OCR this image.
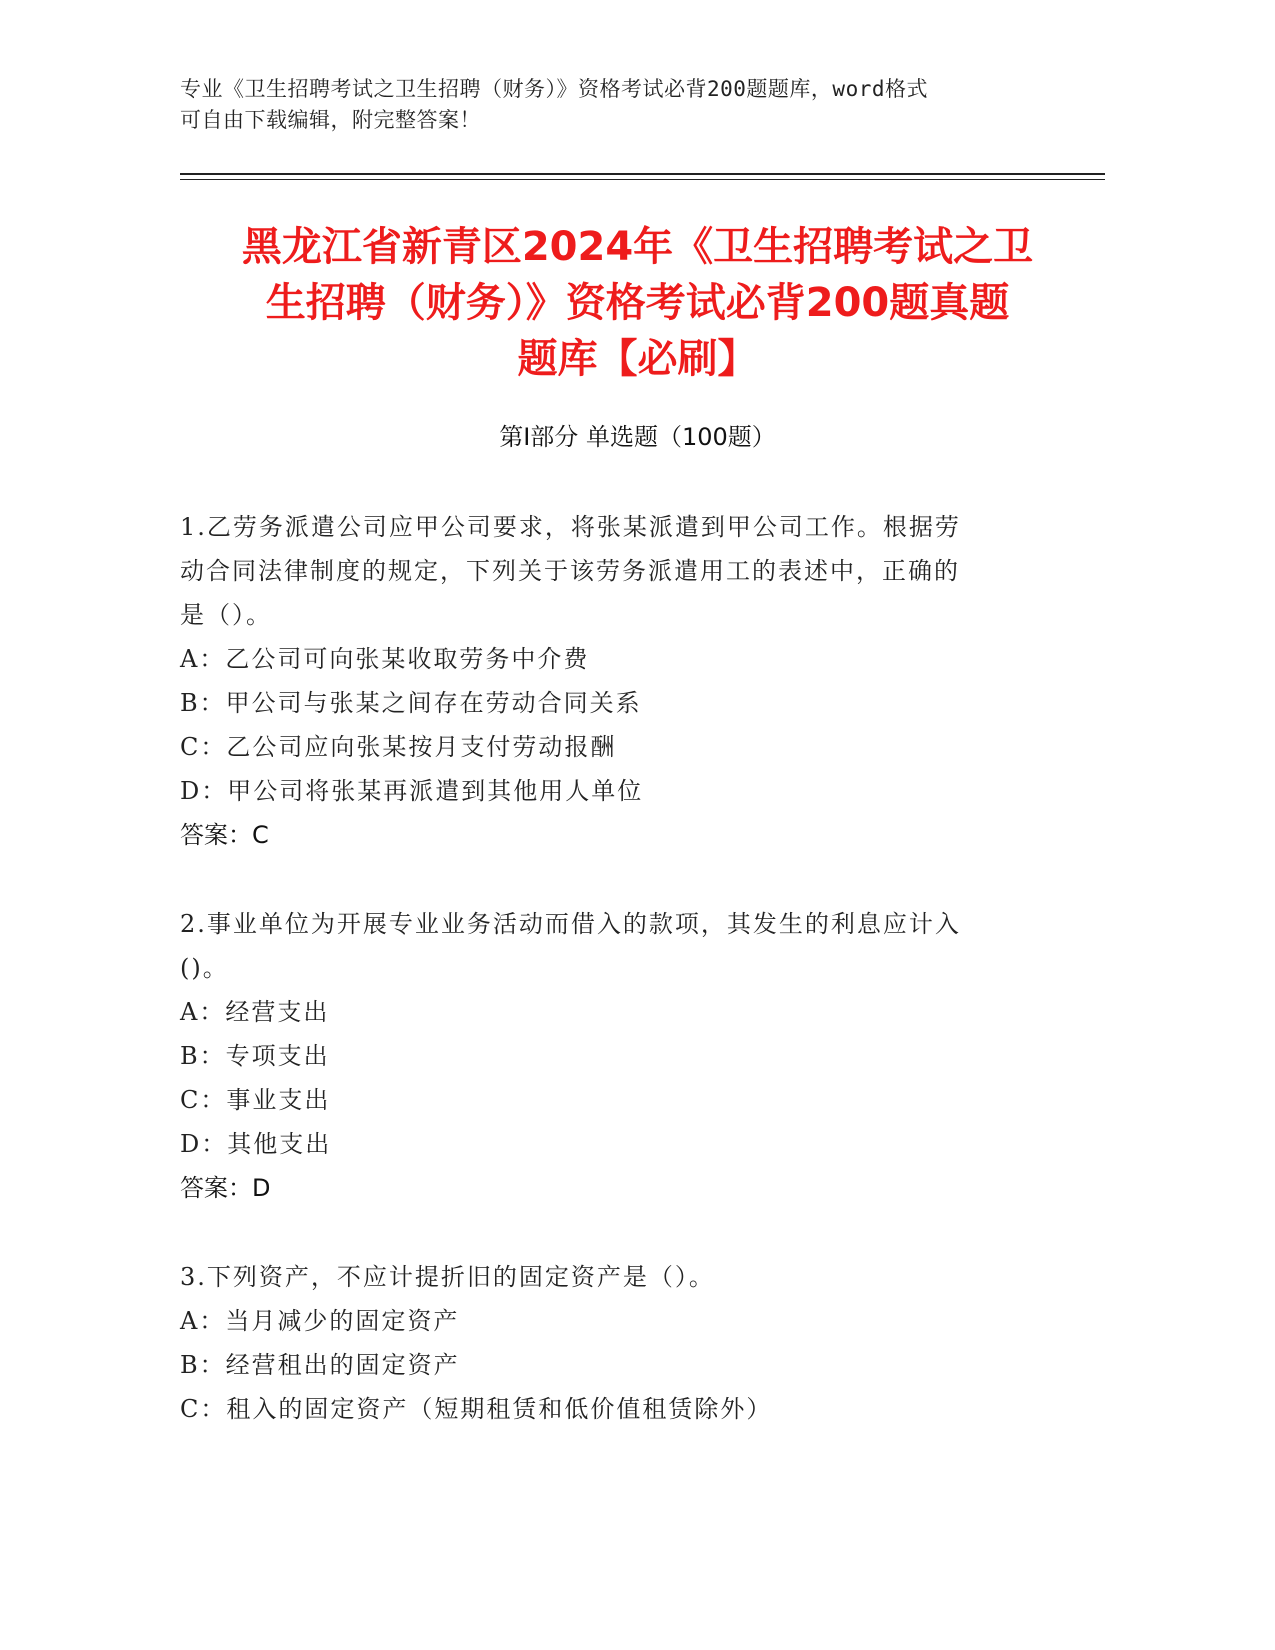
专业《卫生招聘考试之卫生招聘（财务）》资格考试必背200题题库，word格式
可自由下载编辑，附完整答案！
黑龙江省新青区2024年《卫生招聘考试之卫
生招聘（财务）》资格考试必背200题真题
题库【必刷】
第Ⅰ部分 单选题（100题）
1.乙劳务派遣公司应甲公司要求，将张某派遣到甲公司工作。根据劳
动合同法律制度的规定，下列关于该劳务派遣用工的表述中，正确的
是（）。
A：乙公司可向张某收取劳务中介费
B：甲公司与张某之间存在劳动合同关系
C：乙公司应向张某按月支付劳动报酬
D：甲公司将张某再派遣到其他用人单位
答案：C
2.事业单位为开展专业业务活动而借入的款项，其发生的利息应计入
()。
A：经营支出
B：专项支出
C：事业支出
D：其他支出
答案：D
3.下列资产，不应计提折旧的固定资产是（）。
A：当月减少的固定资产
B：经营租出的固定资产
C：租入的固定资产（短期租赁和低价值租赁除外）
